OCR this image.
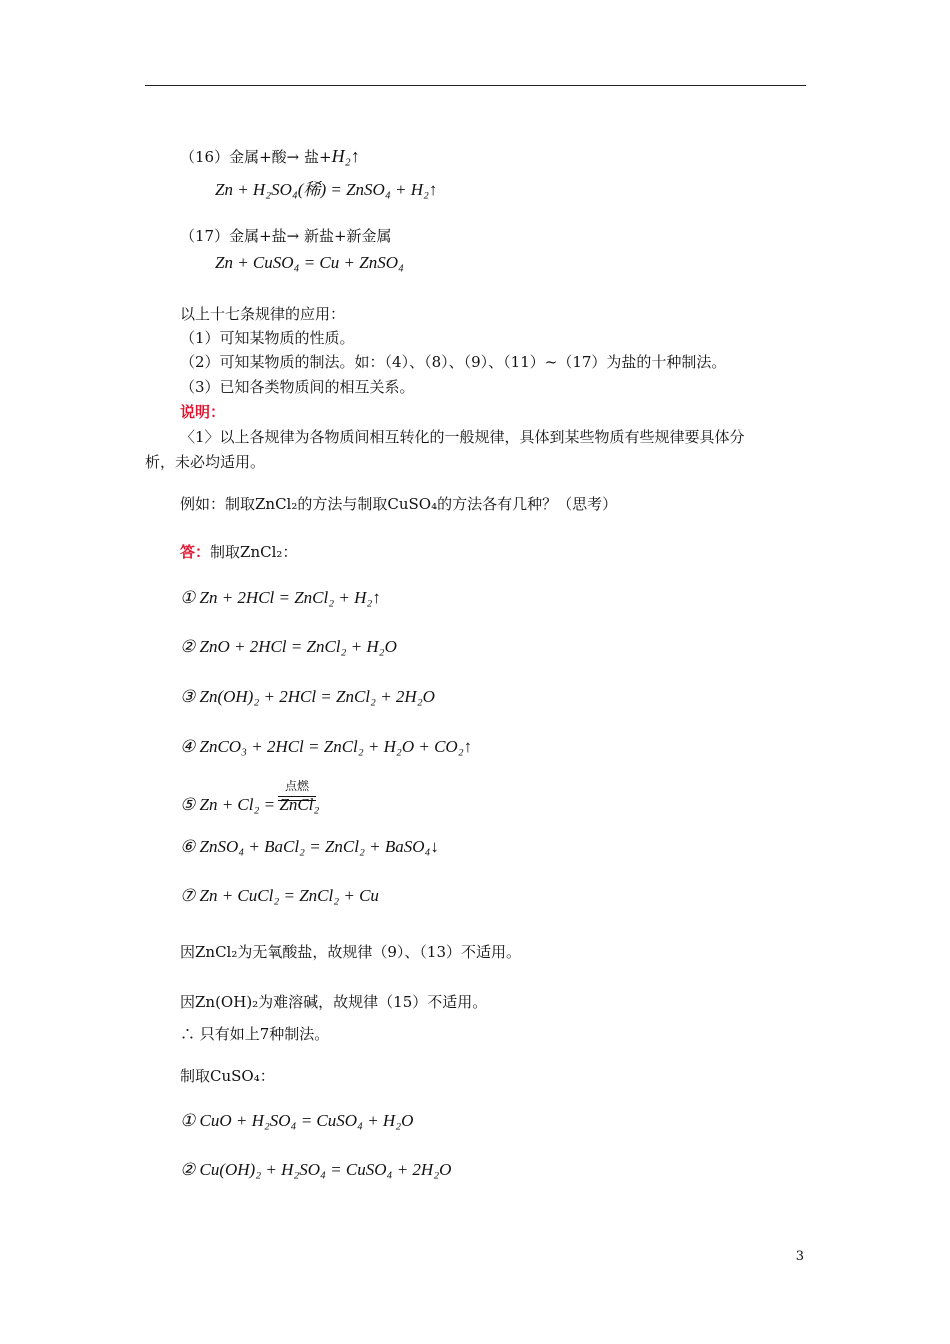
（16）金属+酸→ 盐+H₂↑
Zn + H₂SO₄(稀) = ZnSO₄ + H₂↑
（17）金属+盐→ 新盐+新金属
Zn + CuSO₄ = Cu + ZnSO₄
以上十七条规律的应用：
（1）可知某物质的性质。
（2）可知某物质的制法。如：（4）、（8）、（9）、（11）~（17）为盐的十种制法。
（3）已知各类物质间的相互关系。
说明：
〈1〉以上各规律为各物质间相互转化的一般规律，具体到某些物质有些规律要具体分
析，未必均适用。
例如：制取ZnCl₂的方法与制取CuSO₄的方法各有几种？（思考）
答：制取ZnCl₂：
① Zn + 2HCl = ZnCl₂ + H₂↑
② ZnO + 2HCl = ZnCl₂ + H₂O
③ Zn(OH)₂ + 2HCl = ZnCl₂ + 2H₂O
④ ZnCO₃ + 2HCl = ZnCl₂ + H₂O + CO₂↑
点燃
⑤ Zn + Cl₂ = ZnCl₂
⑥ ZnSO₄ + BaCl₂ = ZnCl₂ + BaSO₄↓
⑦ Zn + CuCl₂ = ZnCl₂ + Cu
因ZnCl₂为无氧酸盐，故规律（9）、（13）不适用。
因Zn(OH)₂为难溶碱，故规律（15）不适用。
∴ 只有如上7种制法。
制取CuSO₄：
① CuO + H₂SO₄ = CuSO₄ + H₂O
② Cu(OH)₂ + H₂SO₄ = CuSO₄ + 2H₂O
3
